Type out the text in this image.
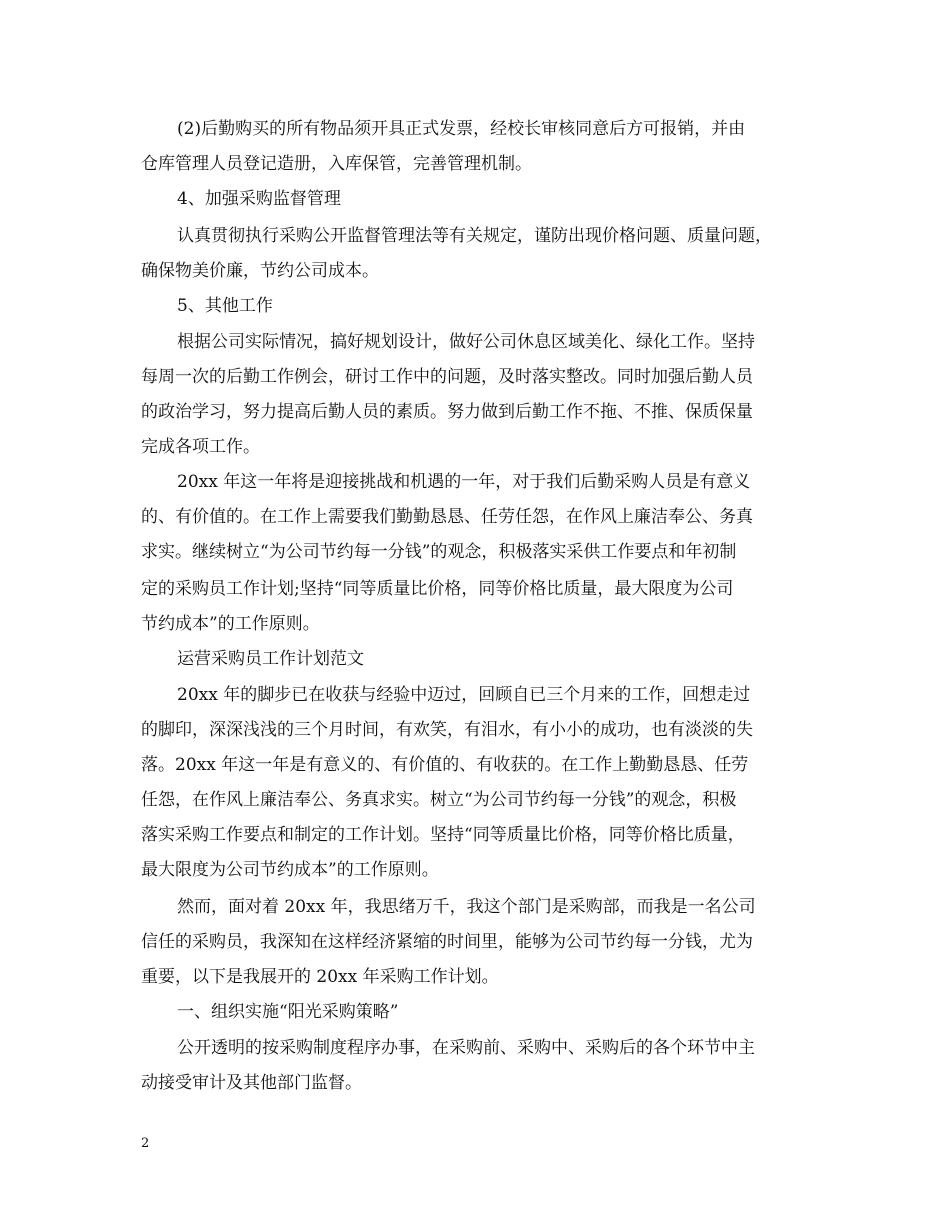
(2)后勤购买的所有物品须开具正式发票，经校长审核同意后方可报销，并由
仓库管理人员登记造册，入库保管，完善管理机制。
4、加强采购监督管理
认真贯彻执行采购公开监督管理法等有关规定，谨防出现价格问题、质量问题，
确保物美价廉，节约公司成本。
5、其他工作
根据公司实际情况，搞好规划设计，做好公司休息区域美化、绿化工作。坚持
每周一次的后勤工作例会，研讨工作中的问题，及时落实整改。同时加强后勤人员
的政治学习，努力提高后勤人员的素质。努力做到后勤工作不拖、不推、保质保量
完成各项工作。
20xx 年这一年将是迎接挑战和机遇的一年，对于我们后勤采购人员是有意义
的、有价值的。在工作上需要我们勤勤恳恳、任劳任怨，在作风上廉洁奉公、务真
求实。继续树立“为公司节约每一分钱”的观念，积极落实采供工作要点和年初制
定的采购员工作计划;坚持“同等质量比价格，同等价格比质量，最大限度为公司
节约成本”的工作原则。
运营采购员工作计划范文
20xx 年的脚步已在收获与经验中迈过，回顾自已三个月来的工作，回想走过
的脚印，深深浅浅的三个月时间，有欢笑，有泪水，有小小的成功，也有淡淡的失
落。20xx 年这一年是有意义的、有价值的、有收获的。在工作上勤勤恳恳、任劳
任怨，在作风上廉洁奉公、务真求实。树立“为公司节约每一分钱”的观念，积极
落实采购工作要点和制定的工作计划。坚持“同等质量比价格，同等价格比质量，
最大限度为公司节约成本”的工作原则。
然而，面对着 20xx 年，我思绪万千，我这个部门是采购部，而我是一名公司
信任的采购员，我深知在这样经济紧缩的时间里，能够为公司节约每一分钱，尤为
重要，以下是我展开的 20xx 年采购工作计划。
一、组织实施“阳光采购策略”
公开透明的按采购制度程序办事，在采购前、采购中、采购后的各个环节中主
动接受审计及其他部门监督。
2
